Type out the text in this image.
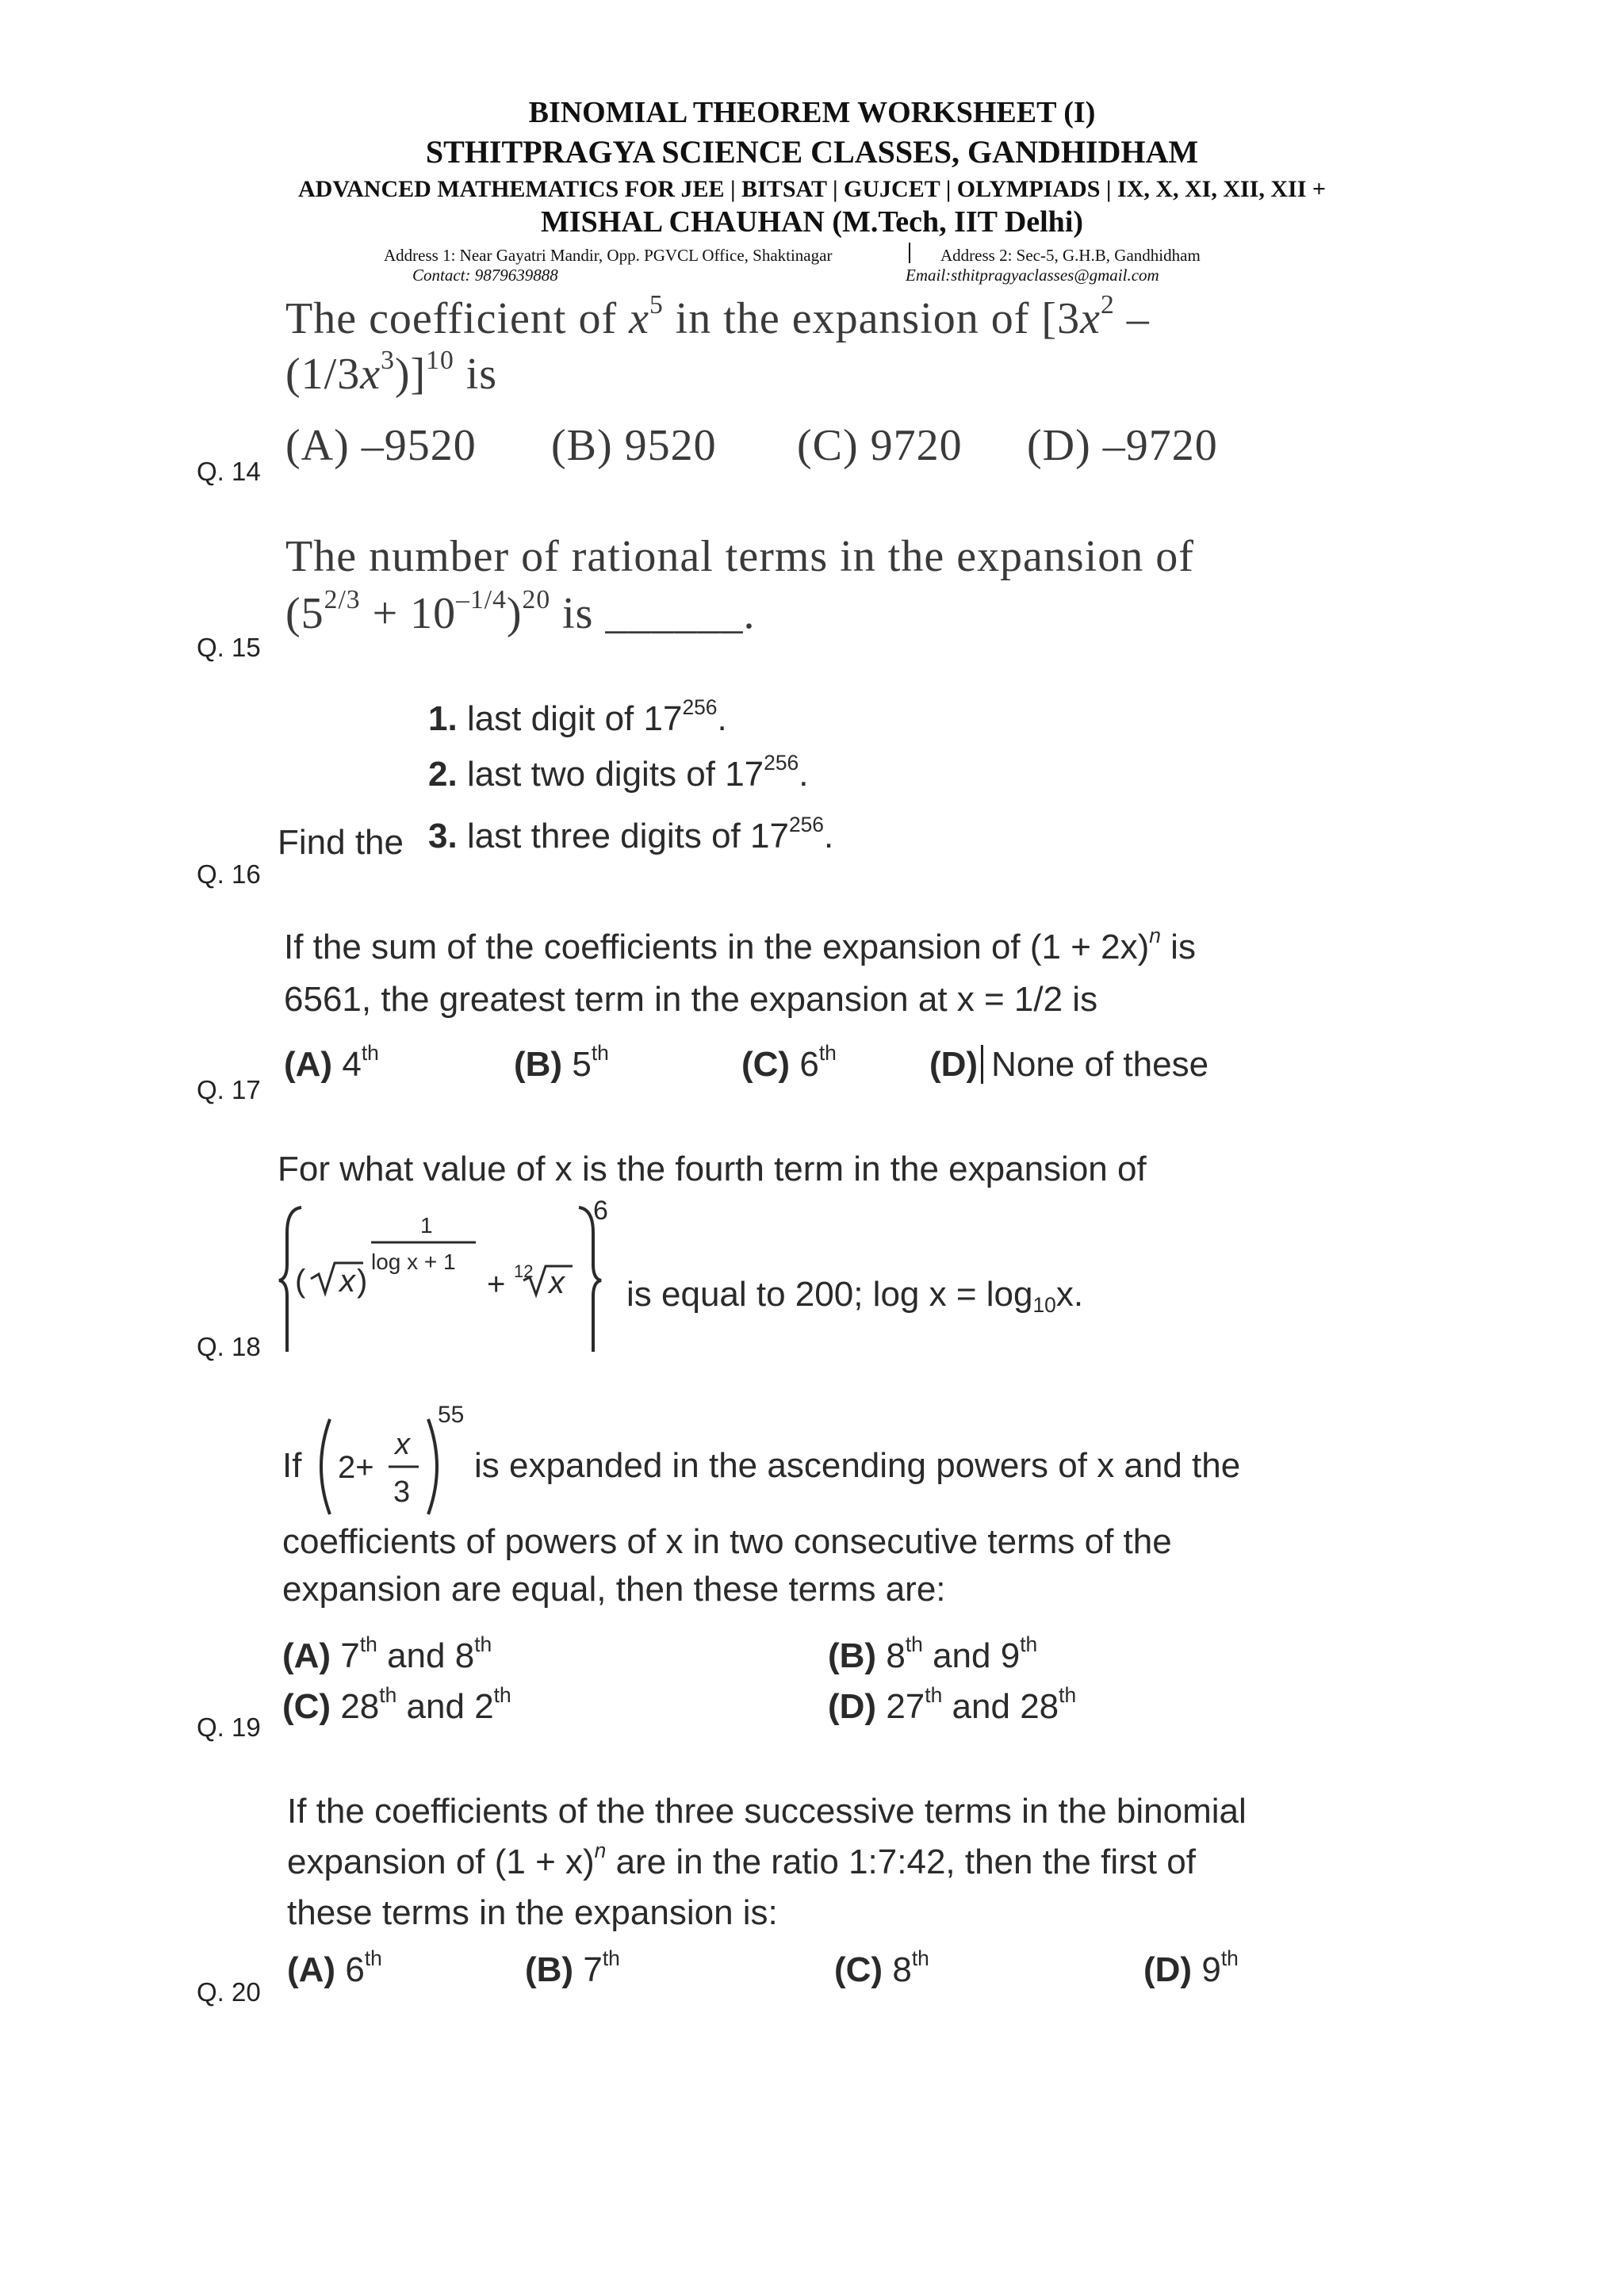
BINOMIAL THEOREM WORKSHEET (I)
STHITPRAGYA SCIENCE CLASSES, GANDHIDHAM
ADVANCED MATHEMATICS FOR JEE | BITSAT | GUJCET | OLYMPIADS | IX, X, XI, XII, XII +
MISHAL CHAUHAN (M.Tech, IIT Delhi)
Address 1: Near Gayatri Mandir, Opp. PGVCL Office, Shaktinagar	Address 2: Sec-5, G.H.B, Gandhidham
Contact: 9879639888	Email:sthitpragyaclasses@gmail.com
The coefficient of $x^5$ in the expansion of [$3x^2$ –
$(1/3x^3)]^{10}$ is
(A) –9520 (B) 9520 (C) 9720 (D) –9720
Q. 14
The number of rational terms in the expansion of
$(5^{2/3} + 10^{-1/4})^{20}$ is ______.
Q. 15
1. last digit of $17^{256}$.
2. last two digits of $17^{256}$.
Find the 3. last three digits of $17^{256}$.
Q. 16
If the sum of the coefficients in the expansion of $(1 + 2x)^n$ is
6561, the greatest term in the expansion at x = 1/2 is
(A) 4th	(B) 5th	(C) 6th	(D) None of these
Q. 17
For what value of x is the fourth term in the expansion of
( x )
1
log x + 1
+ 12 x
6
is equal to 200; $\log x = \log_{10}x$.
Q. 18
If 2+
x
3
55
is expanded in the ascending powers of x and the
coefficients of powers of x in two consecutive terms of the
expansion are equal, then these terms are:
(A) 7th and 8th	(B) 8th and 9th
(C) 28th and 2th	(D) 27th and 28th
Q. 19
If the coefficients of the three successive terms in the binomial
expansion of $(1 + x)^n$ are in the ratio 1:7:42, then the first of
these terms in the expansion is:
(A) 6th	(B) 7th	(C) 8th	(D) 9th
Q. 20
